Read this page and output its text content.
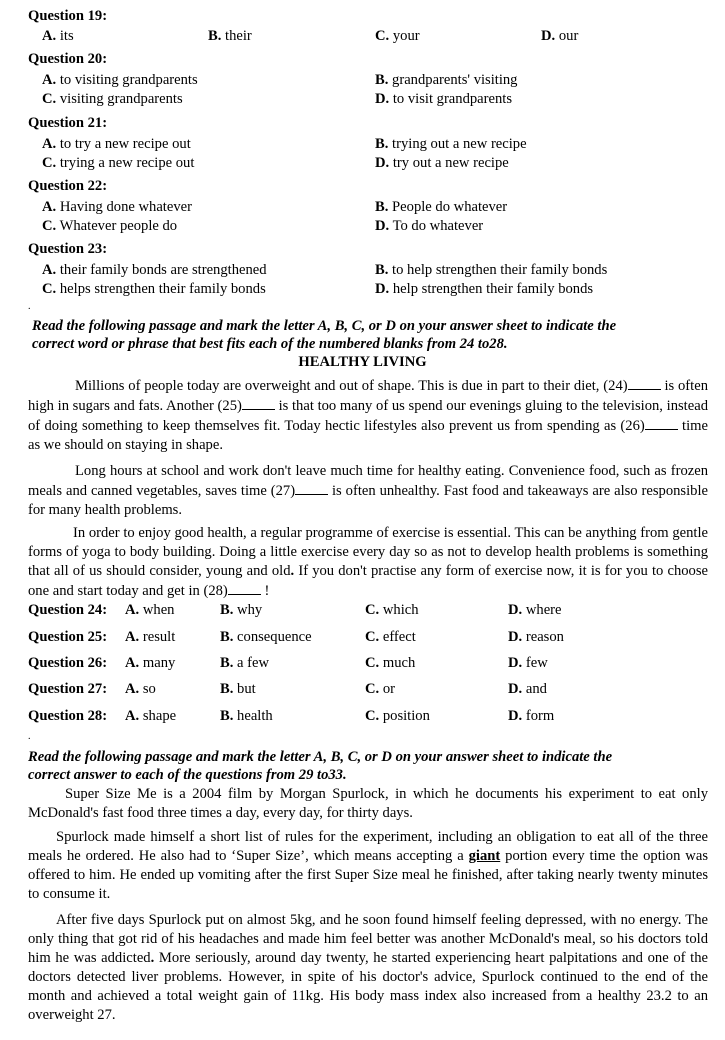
Question 19:
A. its	B. their	C. your	D. our
Question 20:
A. to visiting grandparents	B. grandparents' visiting
C. visiting grandparents	D. to visit grandparents
Question 21:
A. to try a new recipe out	B. trying out a new recipe
C. trying a new recipe out	D. try out a new recipe
Question 22:
A. Having done whatever	B. People do whatever
C. Whatever people do	D. To do whatever
Question 23:
A. their family bonds are strengthened	B. to help strengthen their family bonds
C. helps strengthen their family bonds	D. help strengthen their family bonds
.
Read the following passage and mark the letter A, B, C, or D on your answer sheet to indicate the
correct word or phrase that best fits each of the numbered blanks from 24 to28.
HEALTHY LIVING
Millions of people today are overweight and out of shape. This is due in part to their diet, (24) is often high in sugars and fats. Another (25) is that too many of us spend our evenings gluing to the television, instead of doing something to keep themselves fit. Today hectic lifestyles also prevent us from spending as (26) time as we should on staying in shape.
Long hours at school and work don't leave much time for healthy eating. Convenience food, such as frozen meals and canned vegetables, saves time (27) is often unhealthy. Fast food and takeaways are also responsible for many health problems.
In order to enjoy good health, a regular programme of exercise is essential. This can be anything from gentle forms of yoga to body building. Doing a little exercise every day so as not to develop health problems is something that all of us should consider, young and old. If you don't practise any form of exercise now, it is for you to choose one and start today and get in (28) !
Question 24: A. when	B. why	C. which	D. where
Question 25: A. result	B. consequence	C. effect	D. reason
Question 26: A. many	B. a few	C. much	D. few
Question 27: A. so	B. but	C. or	D. and
Question 28: A. shape	B. health	C. position	D. form
.
Read the following passage and mark the letter A, B, C, or D on your answer sheet to indicate the
correct answer to each of the questions from 29 to33.
Super Size Me is a 2004 film by Morgan Spurlock, in which he documents his experiment to eat only McDonald's fast food three times a day, every day, for thirty days.
Spurlock made himself a short list of rules for the experiment, including an obligation to eat all of the three meals he ordered. He also had to ‘Super Size’, which means accepting a giant portion every time the option was offered to him. He ended up vomiting after the first Super Size meal he finished, after taking nearly twenty minutes to consume it.
After five days Spurlock put on almost 5kg, and he soon found himself feeling depressed, with no energy. The only thing that got rid of his headaches and made him feel better was another McDonald's meal, so his doctors told him he was addicted. More seriously, around day twenty, he started experiencing heart palpitations and one of the doctors detected liver problems. However, in spite of his doctor's advice, Spurlock continued to the end of the month and achieved a total weight gain of 11kg. His body mass index also increased from a healthy 23.2 to an overweight 27.
